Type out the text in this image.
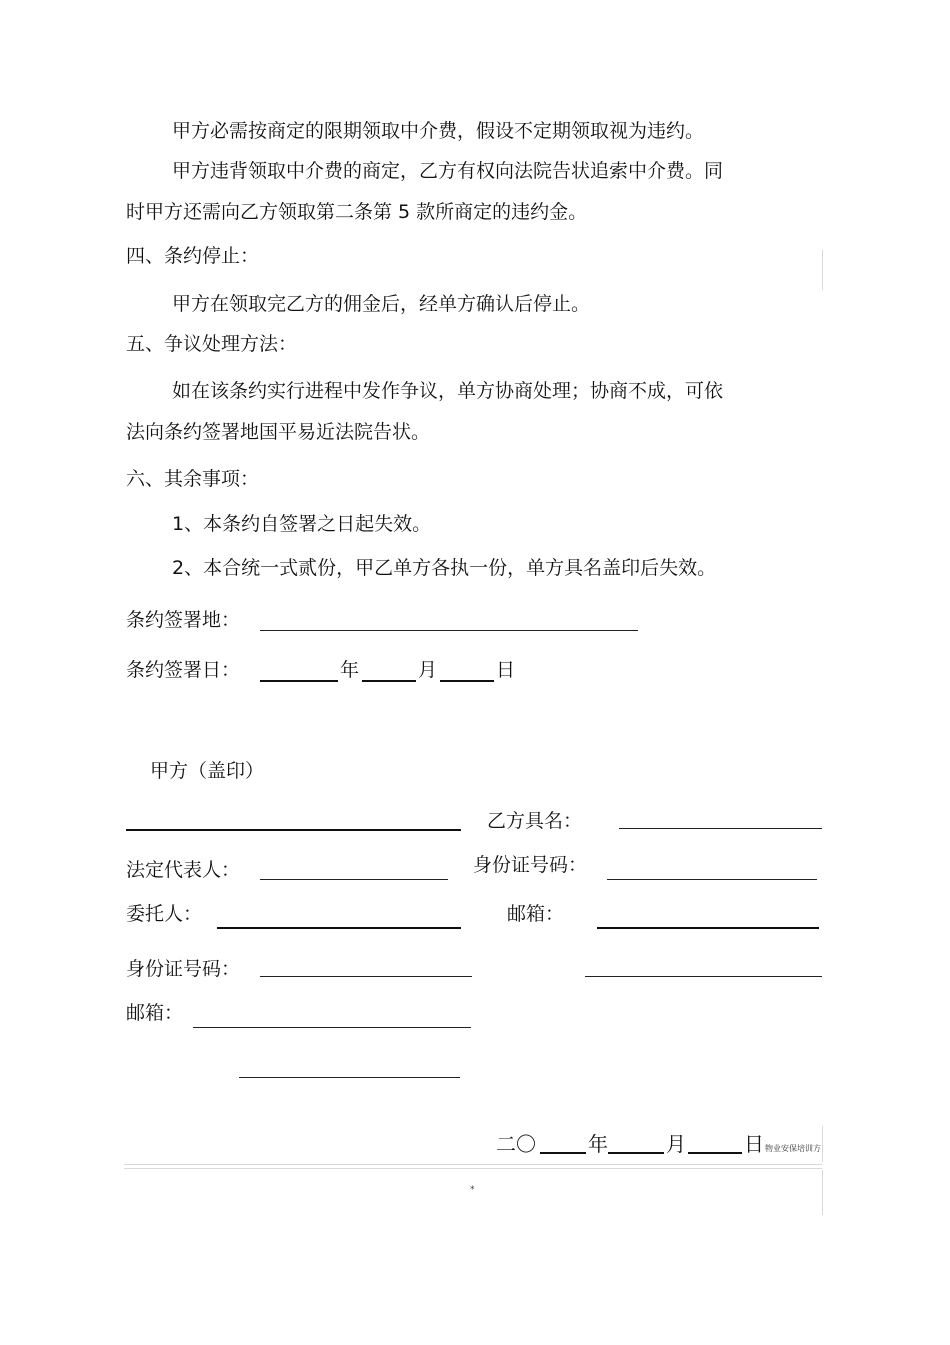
甲方必需按商定的限期领取中介费，假设不定期领取视为违约。
甲方违背领取中介费的商定，乙方有权向法院告状追索中介费。同
时甲方还需向乙方领取第二条第 5 款所商定的违约金。
四、条约停止：
甲方在领取完乙方的佣金后，经单方确认后停止。
五、争议处理方法：
如在该条约实行进程中发作争议，单方协商处理；协商不成，可依
法向条约签署地国平易近法院告状。
六、其余事项：
1、本条约自签署之日起失效。
2、本合统一式贰份，甲乙单方各执一份，单方具名盖印后失效。
条约签署地：
条约签署日：	年	月	日
甲方（盖印）
乙方具名：
法定代表人：	身份证号码：
委托人：	邮箱：
身份证号码：
邮箱：
二〇	年	月	日 物业安保培训方
⁎
